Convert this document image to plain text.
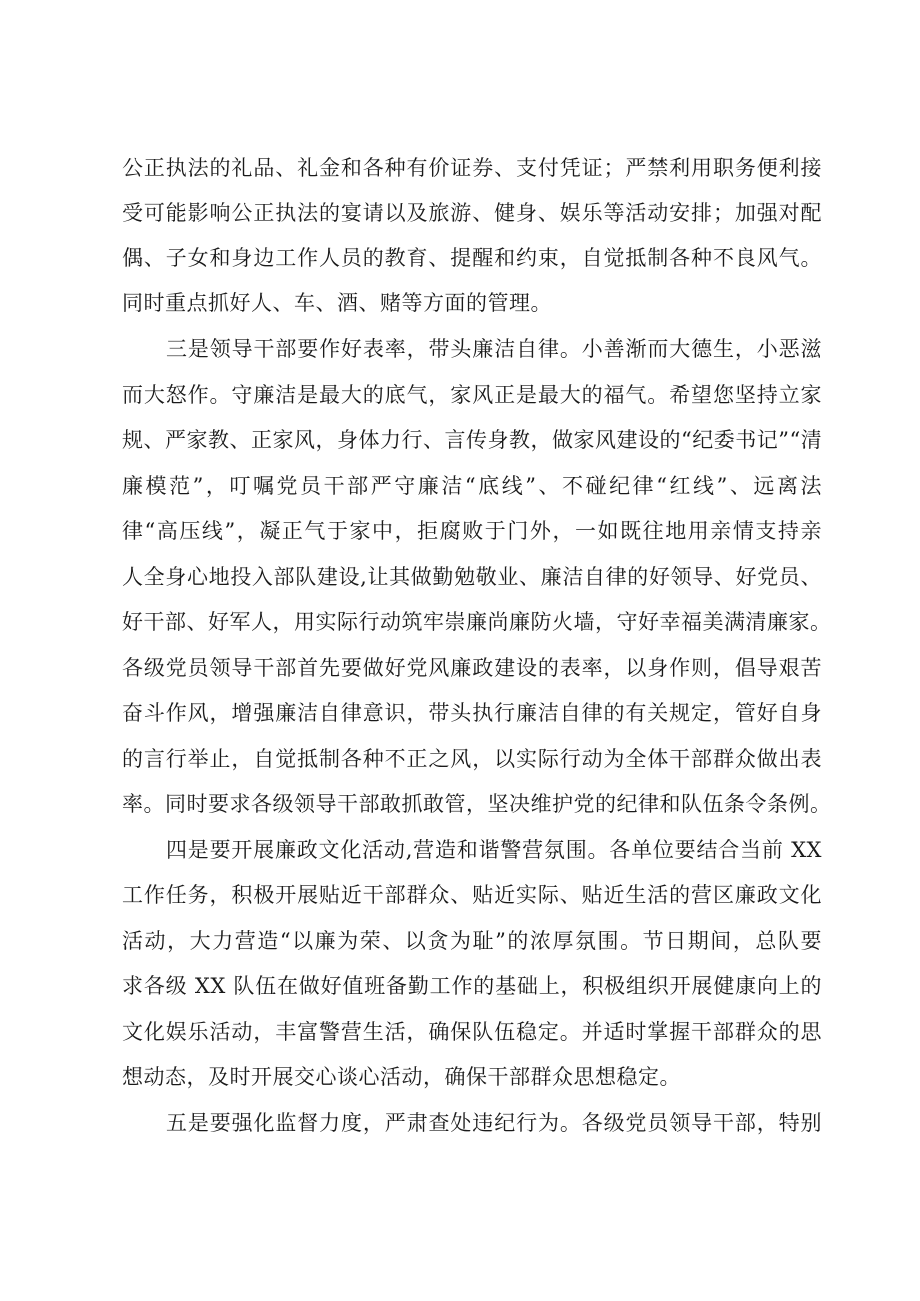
公正执法的礼品、礼金和各种有价证券、支付凭证；严禁利用职务便利接
受可能影响公正执法的宴请以及旅游、健身、娱乐等活动安排；加强对配
偶、子女和身边工作人员的教育、提醒和约束，自觉抵制各种不良风气。
同时重点抓好人、车、酒、赌等方面的管理。
三是领导干部要作好表率，带头廉洁自律。小善渐而大德生，小恶滋
而大怒作。守廉洁是最大的底气，家风正是最大的福气。希望您坚持立家
规、严家教、正家风，身体力行、言传身教，做家风建设的“纪委书记”“清
廉模范”，叮嘱党员干部严守廉洁“底线”、不碰纪律“红线”、远离法
律“高压线”，凝正气于家中，拒腐败于门外，一如既往地用亲情支持亲
人全身心地投入部队建设,让其做勤勉敬业、廉洁自律的好领导、好党员、
好干部、好军人，用实际行动筑牢崇廉尚廉防火墙，守好幸福美满清廉家。
各级党员领导干部首先要做好党风廉政建设的表率，以身作则，倡导艰苦
奋斗作风，增强廉洁自律意识，带头执行廉洁自律的有关规定，管好自身
的言行举止，自觉抵制各种不正之风，以实际行动为全体干部群众做出表
率。同时要求各级领导干部敢抓敢管，坚决维护党的纪律和队伍条令条例。
四是要开展廉政文化活动,营造和谐警营氛围。各单位要结合当前 XX
工作任务，积极开展贴近干部群众、贴近实际、贴近生活的营区廉政文化
活动，大力营造“以廉为荣、以贪为耻”的浓厚氛围。节日期间，总队要
求各级 XX 队伍在做好值班备勤工作的基础上，积极组织开展健康向上的
文化娱乐活动，丰富警营生活，确保队伍稳定。并适时掌握干部群众的思
想动态，及时开展交心谈心活动，确保干部群众思想稳定。
五是要强化监督力度，严肃查处违纪行为。各级党员领导干部，特别
